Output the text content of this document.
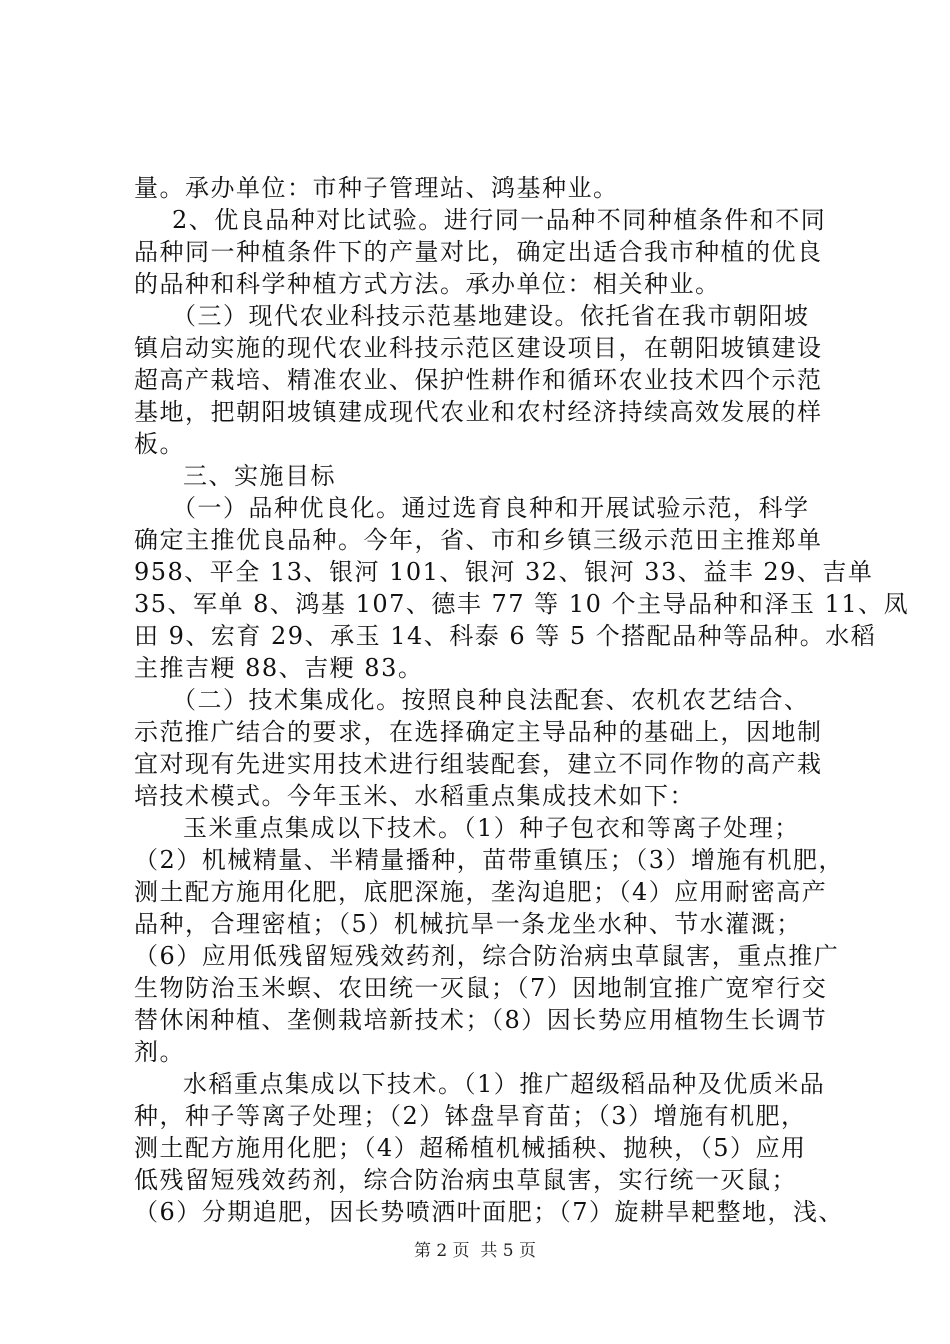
量。承办单位：市种子管理站、鸿基种业。
2、优良品种对比试验。进行同一品种不同种植条件和不同
品种同一种植条件下的产量对比，确定出适合我市种植的优良
的品种和科学种植方式方法。承办单位：相关种业。
（三）现代农业科技示范基地建设。依托省在我市朝阳坡
镇启动实施的现代农业科技示范区建设项目，在朝阳坡镇建设
超高产栽培、精准农业、保护性耕作和循环农业技术四个示范
基地，把朝阳坡镇建成现代农业和农村经济持续高效发展的样
板。
三、实施目标
（一）品种优良化。通过选育良种和开展试验示范，科学
确定主推优良品种。今年，省、市和乡镇三级示范田主推郑单
958、平全 13、银河 101、银河 32、银河 33、益丰 29、吉单
35、军单 8、鸿基 107、德丰 77 等 10 个主导品种和泽玉 11、凤
田 9、宏育 29、承玉 14、科泰 6 等 5 个搭配品种等品种。水稻
主推吉粳 88、吉粳 83。
（二）技术集成化。按照良种良法配套、农机农艺结合、
示范推广结合的要求，在选择确定主导品种的基础上，因地制
宜对现有先进实用技术进行组装配套，建立不同作物的高产栽
培技术模式。今年玉米、水稻重点集成技术如下：
玉米重点集成以下技术。（1）种子包衣和等离子处理；
（2）机械精量、半精量播种，苗带重镇压；（3）增施有机肥，
测土配方施用化肥，底肥深施，垄沟追肥；（4）应用耐密高产
品种，合理密植；（5）机械抗旱一条龙坐水种、节水灌溉；
（6）应用低残留短残效药剂，综合防治病虫草鼠害，重点推广
生物防治玉米螟、农田统一灭鼠；（7）因地制宜推广宽窄行交
替休闲种植、垄侧栽培新技术；（8）因长势应用植物生长调节
剂。
水稻重点集成以下技术。（1）推广超级稻品种及优质米品
种，种子等离子处理；（2）钵盘旱育苗；（3）增施有机肥，
测土配方施用化肥；（4）超稀植机械插秧、抛秧，（5）应用
低残留短残效药剂，综合防治病虫草鼠害，实行统一灭鼠；
（6）分期追肥，因长势喷洒叶面肥；（7）旋耕旱耙整地，浅、
第 2 页  共 5 页
